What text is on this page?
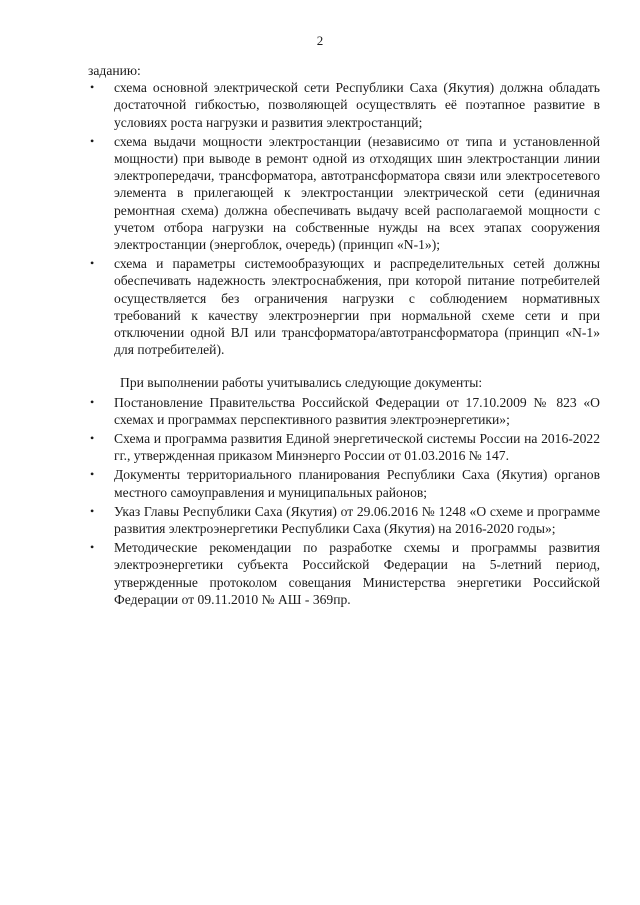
2

заданию:

• схема основной электрической сети Республики Саха (Якутия) должна обладать достаточной гибкостью, позволяющей осуществлять её поэтапное развитие в условиях роста нагрузки и развития электростанций;
• схема выдачи мощности электростанции (независимо от типа и установленной мощности) при выводе в ремонт одной из отходящих шин электростанции линии электропередачи, трансформатора, автотрансформатора связи или электросетевого элемента в прилегающей к электростанции электрической сети (единичная ремонтная схема) должна обеспечивать выдачу всей располагаемой мощности с учетом отбора нагрузки на собственные нужды на всех этапах сооружения электростанции (энергоблок, очередь) (принцип «N-1»);
• схема и параметры системообразующих и распределительных сетей должны обеспечивать надежность электроснабжения, при которой питание потребителей осуществляется без ограничения нагрузки с соблюдением нормативных требований к качеству электроэнергии при нормальной схеме сети и при отключении одной ВЛ или трансформатора/автотрансформатора (принцип «N-1» для потребителей).

При выполнении работы учитывались следующие документы:

• Постановление Правительства Российской Федерации от 17.10.2009 № 823 «О схемах и программах перспективного развития электроэнергетики»;
• Схема и программа развития Единой энергетической системы России на 2016-2022 гг., утвержденная приказом Минэнерго России от 01.03.2016 № 147.
• Документы территориального планирования Республики Саха (Якутия) органов местного самоуправления и муниципальных районов;
• Указ Главы Республики Саха (Якутия) от 29.06.2016 № 1248 «О схеме и программе развития электроэнергетики Республики Саха (Якутия) на 2016-2020 годы»;
• Методические рекомендации по разработке схемы и программы развития электроэнергетики субъекта Российской Федерации на 5-летний период, утвержденные протоколом совещания Министерства энергетики Российской Федерации от 09.11.2010 № АШ - 369пр.
